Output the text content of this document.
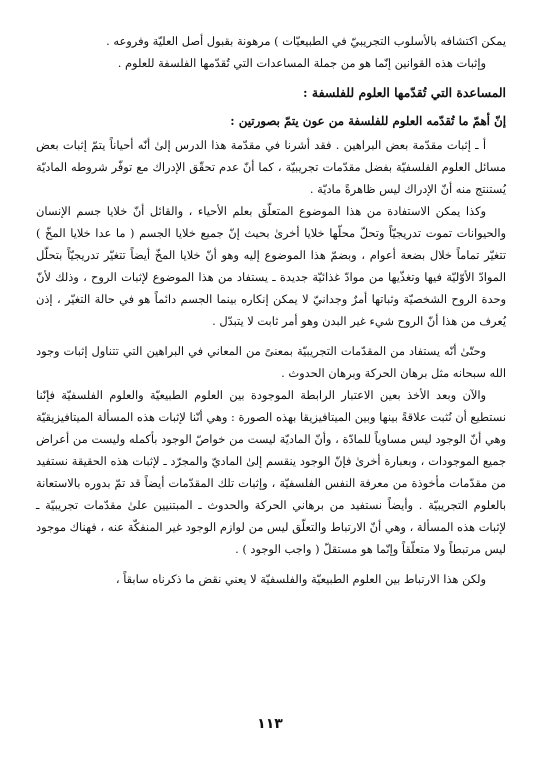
يمكن اكتشافه بالأسلوب التجريبيّ في الطبيعيّات ) مرهونة بقبول أصل العليّة وفروعه .

وإثبات هذه القوانين إنّما هو من جملة المساعدات التي تُقدّمها الفلسفة للعلوم .

المساعدة التي تُقدّمها العلوم للفلسفة :

إنّ أهمّ ما تُقدّمه العلوم للفلسفة من عون يتمّ بصورتين :

أ ـ إثبات مقدّمة بعض البراهين . فقد أشرنا في مقدّمة هذا الدرس إلىٰ أنّه أحياناً يتمّ إثبات بعض مسائل العلوم الفلسفيّة بفضل مقدّمات تجريبيّة ، كما أنّ عدم تحقّق الإدراك مع توفّر شروطه الماديّة يُستنتج منه أنّ الإدراك ليس ظاهرةً ماديّة .

وكذا يمكن الاستفادة من هذا الموضوع المتعلّق بعلم الأحياء ، والقائل أنّ خلايا جسم الإنسان والحيوانات تموت تدريجيّاً وتحلّ محلّها خلايا أخرىٰ بحيث إنّ جميع خلايا الجسم ( ما عدا خلايا المخّ ) تتغيّر تماماً خلال بضعة أعوام ، وبضمّ هذا الموضوع إليه وهو أنّ خلايا المخّ أيضاً تتغيّر تدريجيّاً بتحلّل الموادّ الأوّليّة فيها وتغذّيها من موادّ غذائيّة جديدة ـ يستفاد من هذا الموضوع لإثبات الروح ، وذلك لأنّ وحدة الروح الشخصيّة وثباتها أمرٌ وجدانيّ لا يمكن إنكاره بينما الجسم دائماً هو في حالة التغيّر ، إذن يُعرف من هذا أنّ الروح شيء غير البدن وهو أمر ثابت لا يتبدّل .

وحتّىٰ أنّه يستفاد من المقدّمات التجريبيّة بمعنىً من المعاني في البراهين التي تتناول إثبات وجود الله سبحانه مثل برهان الحركة وبرهان الحدوث .

والآن وبعد الأخذ بعين الاعتبار الرابطة الموجودة بين العلوم الطبيعيّة والعلوم الفلسفيّة فإنّنا نستطيع أن نُثبت علاقةً بينها وبين الميتافيزيقا بهذه الصورة : وهي أنّنا لإثبات هذه المسألة الميتافيزيقيّة وهي أنّ الوجود ليس مساوياً للمادّة ، وأنّ الماديّة ليست من خواصّ الوجود بأكمله وليست من أعراض جميع الموجودات ، وبعبارة أخرىٰ فإنّ الوجود ينقسم إلىٰ الماديّ والمجرّد ـ لإثبات هذه الحقيقة نستفيد من مقدّمات مأخوذة من معرفة النفس الفلسفيّة ، وإثبات تلك المقدّمات أيضاً قد تمّ بدوره بالاستعانة بالعلوم التجريبيّة . وأيضاً نستفيد من برهاني الحركة والحدوث ـ المبتنيين علىٰ مقدّمات تجريبيّة ـ لإثبات هذه المسألة ، وهي أنّ الارتباط والتعلّق ليس من لوازم الوجود غير المنفكّة عنه ، فهناك موجود ليس مرتبطاً ولا متعلّقاً وإنّما هو مستقلّ ( واجب الوجود ) .

ولكن هذا الارتباط بين العلوم الطبيعيّة والفلسفيّة لا يعني نقض ما ذكرناه سابقاً ،

١١٣
